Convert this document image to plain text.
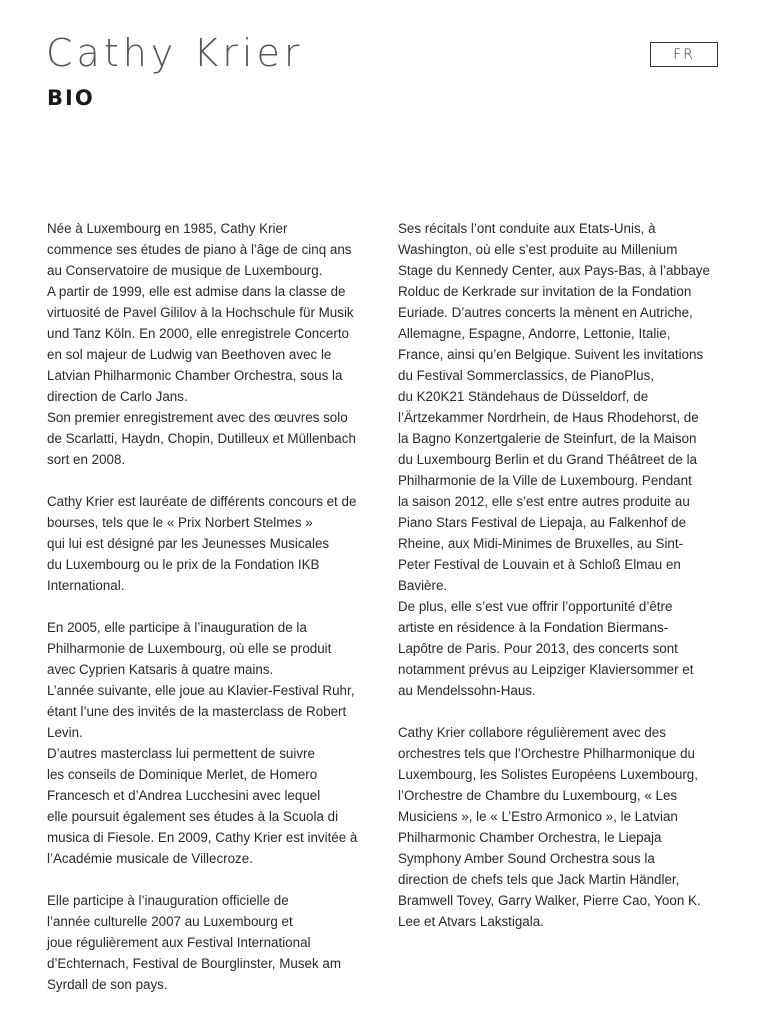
Cathy Krier
BIO
FR

Née à Luxembourg en 1985, Cathy Krier
commence ses études de piano à l’âge de cinq ans
au Conservatoire de musique de Luxembourg.
A partir de 1999, elle est admise dans la classe de
virtuosité de Pavel Gililov à la Hochschule für Musik
und Tanz Köln. En 2000, elle enregistrele Concerto
en sol majeur de Ludwig van Beethoven avec le
Latvian Philharmonic Chamber Orchestra, sous la
direction de Carlo Jans.
Son premier enregistrement avec des œuvres solo
de Scarlatti, Haydn, Chopin, Dutilleux et Müllenbach
sort en 2008.

Cathy Krier est lauréate de différents concours et de
bourses, tels que le « Prix Norbert Stelmes »
qui lui est désigné par les Jeunesses Musicales
du Luxembourg ou le prix de la Fondation IKB
International.

En 2005, elle participe à l’inauguration de la
Philharmonie de Luxembourg, où elle se produit
avec Cyprien Katsaris à quatre mains.
L’année suivante, elle joue au Klavier-Festival Ruhr,
étant l’une des invités de la masterclass de Robert
Levin.
D’autres masterclass lui permettent de suivre
les conseils de Dominique Merlet, de Homero
Francesch et d’Andrea Lucchesini avec lequel
elle poursuit également ses études à la Scuola di
musica di Fiesole. En 2009, Cathy Krier est invitée à
l’Académie musicale de Villecroze.

Elle participe à l’inauguration officielle de
l’année culturelle 2007 au Luxembourg et
joue régulièrement aux Festival International
d’Echternach, Festival de Bourglinster, Musek am
Syrdall de son pays.

Ses récitals l’ont conduite aux Etats-Unis, à
Washington, où elle s’est produite au Millenium
Stage du Kennedy Center, aux Pays-Bas, à l’abbaye
Rolduc de Kerkrade sur invitation de la Fondation
Euriade. D’autres concerts la mènent en Autriche,
Allemagne, Espagne, Andorre, Lettonie, Italie,
France, ainsi qu’en Belgique. Suivent les invitations
du Festival Sommerclassics, de PianoPlus,
du K20K21 Ständehaus de Düsseldorf, de
l’Ärtzekammer Nordrhein, de Haus Rhodehorst, de
la Bagno Konzertgalerie de Steinfurt, de la Maison
du Luxembourg Berlin et du Grand Théâtreet de la
Philharmonie de la Ville de Luxembourg. Pendant
la saison 2012, elle s’est entre autres produite au
Piano Stars Festival de Liepaja, au Falkenhof de
Rheine, aux Midi-Minimes de Bruxelles, au Sint-
Peter Festival de Louvain et à Schloß Elmau en
Bavière.
De plus, elle s’est vue offrir l’opportunité d’être
artiste en résidence à la Fondation Biermans-
Lapôtre de Paris. Pour 2013, des concerts sont
notamment prévus au Leipziger Klaviersommer et
au Mendelssohn-Haus.

Cathy Krier collabore régulièrement avec des
orchestres tels que l’Orchestre Philharmonique du
Luxembourg, les Solistes Européens Luxembourg,
l’Orchestre de Chambre du Luxembourg, « Les
Musiciens », le « L’Estro Armonico », le Latvian
Philharmonic Chamber Orchestra, le Liepaja
Symphony Amber Sound Orchestra sous la
direction de chefs tels que Jack Martin Händler,
Bramwell Tovey, Garry Walker, Pierre Cao, Yoon K.
Lee et Atvars Lakstigala.
